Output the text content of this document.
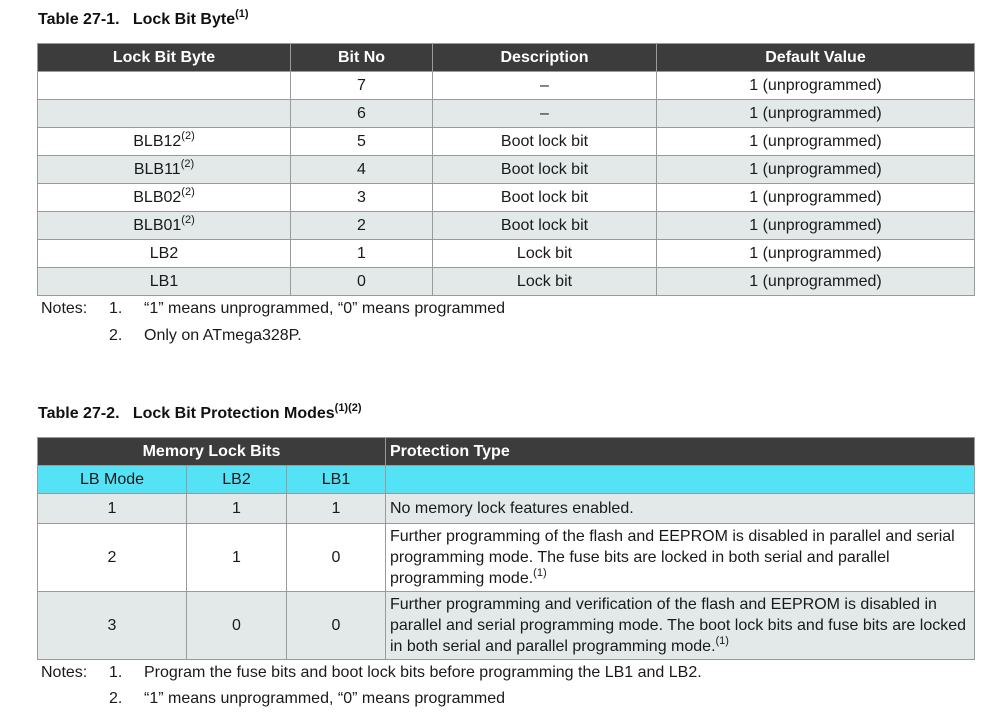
Table 27-1. Lock Bit Byte$^{(1)}$
Lock Bit Byte	Bit No	Description	Default Value
	7	–	1 (unprogrammed)
	6	–	1 (unprogrammed)
BLB12$^{(2)}$	5	Boot lock bit	1 (unprogrammed)
BLB11$^{(2)}$	4	Boot lock bit	1 (unprogrammed)
BLB02$^{(2)}$	3	Boot lock bit	1 (unprogrammed)
BLB01$^{(2)}$	2	Boot lock bit	1 (unprogrammed)
LB2	1	Lock bit	1 (unprogrammed)
LB1	0	Lock bit	1 (unprogrammed)
Notes: 1. “1” means unprogrammed, “0” means programmed
2. Only on ATmega328P.
Table 27-2. Lock Bit Protection Modes$^{(1)(2)}$
Memory Lock Bits			Protection Type
LB Mode	LB2	LB1	
1	1	1	No memory lock features enabled.
2	1	0	Further programming of the flash and EEPROM is disabled in parallel and serial programming mode. The fuse bits are locked in both serial and parallel programming mode.$^{(1)}$
3	0	0	Further programming and verification of the flash and EEPROM is disabled in parallel and serial programming mode. The boot lock bits and fuse bits are locked in both serial and parallel programming mode.$^{(1)}$
Notes: 1. Program the fuse bits and boot lock bits before programming the LB1 and LB2.
2. “1” means unprogrammed, “0” means programmed
